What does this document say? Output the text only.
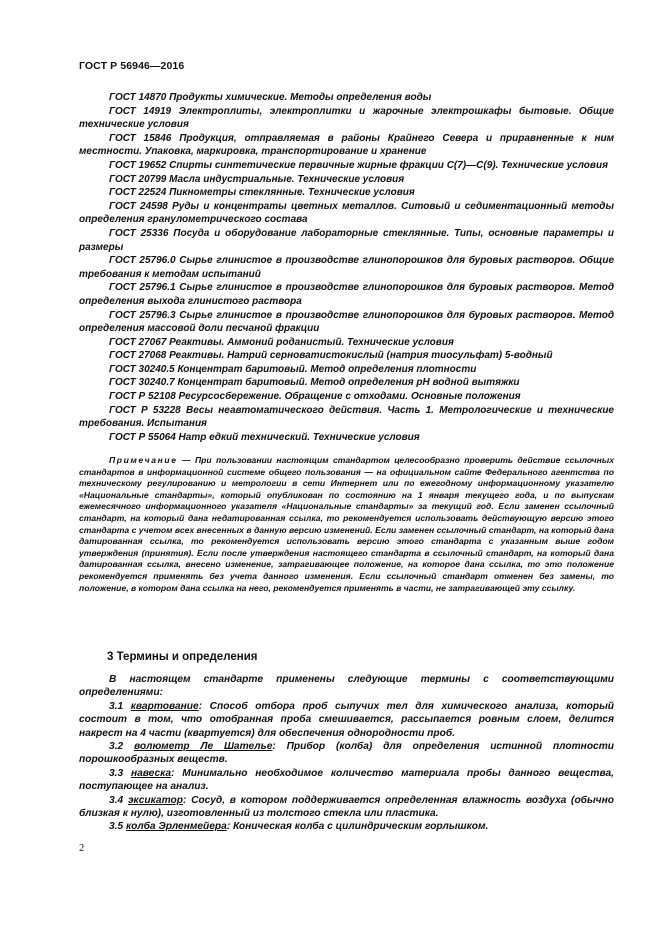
ГОСТ Р 56946—2016

ГОСТ 14870 Продукты химические. Методы определения воды

ГОСТ 14919 Электроплиты, электроплитки и жарочные электрошкафы бытовые. Общие технические условия

ГОСТ 15846 Продукция, отправляемая в районы Крайнего Севера и приравненные к ним местности. Упаковка, маркировка, транспортирование и хранение

ГОСТ 19652 Спирты синтетические первичные жирные фракции С(7)—С(9). Технические условия

ГОСТ 20799 Масла индустриальные. Технические условия

ГОСТ 22524 Пикнометры стеклянные. Технические условия

ГОСТ 24598 Руды и концентраты цветных металлов. Ситовый и седиментационный методы определения гранулометрического состава

ГОСТ 25336 Посуда и оборудование лабораторные стеклянные. Типы, основные параметры и размеры

ГОСТ 25796.0 Сырье глинистое в производстве глинопорошков для буровых растворов. Общие требования к методам испытаний

ГОСТ 25796.1 Сырье глинистое в производстве глинопорошков для буровых растворов. Метод определения выхода глинистого раствора

ГОСТ 25796.3 Сырье глинистое в производстве глинопорошков для буровых растворов. Метод определения массовой доли песчаной фракции

ГОСТ 27067 Реактивы. Аммоний роданистый. Технические условия

ГОСТ 27068 Реактивы. Натрий серноватистокислый (натрия тиосульфат) 5-водный

ГОСТ 30240.5 Концентрат баритовый. Метод определения плотности

ГОСТ 30240.7 Концентрат баритовый. Метод определения pH водной вытяжки

ГОСТ Р 52108 Ресурсосбережение. Обращение с отходами. Основные положения

ГОСТ Р 53228 Весы неавтоматического действия. Часть 1. Метрологические и технические требования. Испытания

ГОСТ Р 55064 Натр едкий технический. Технические условия

Примечание — При пользовании настоящим стандартом целесообразно проверить действие ссылочных стандартов в информационной системе общего пользования — на официальном сайте Федерального агентства по техническому регулированию и метрологии в сети Интернет или по ежегодному информационному указателю «Национальные стандарты», который опубликован по состоянию на 1 января текущего года, и по выпускам ежемесячного информационного указателя «Национальные стандарты» за текущий год. Если заменен ссылочный стандарт, на который дана недатированная ссылка, то рекомендуется использовать действующую версию этого стандарта с учетом всех внесенных в данную версию изменений. Если заменен ссылочный стандарт, на который дана датированная ссылка, то рекомендуется использовать версию этого стандарта с указанным выше годом утверждения (принятия). Если после утверждения настоящего стандарта в ссылочный стандарт, на который дана датированная ссылка, внесено изменение, затрагивающее положение, на которое дана ссылка, то это положение рекомендуется применять без учета данного изменения. Если ссылочный стандарт отменен без замены, то положение, в котором дана ссылка на него, рекомендуется применять в части, не затрагивающей эту ссылку.

3 Термины и определения

В настоящем стандарте применены следующие термины с соответствующими определениями:

3.1 квартование: Способ отбора проб сыпучих тел для химического анализа, который состоит в том, что отобранная проба смешивается, рассыпается ровным слоем, делится накрест на 4 части (квартуется) для обеспечения однородности проб.

3.2 волюметр Ле Шателье: Прибор (колба) для определения истинной плотности порошкообразных веществ.

3.3 навеска: Минимально необходимое количество материала пробы данного вещества, поступающее на анализ.

3.4 эксикатор: Сосуд, в котором поддерживается определенная влажность воздуха (обычно близкая к нулю), изготовленный из толстого стекла или пластика.

3.5 колба Эрленмейера: Коническая колба с цилиндрическим горлышком.

2
